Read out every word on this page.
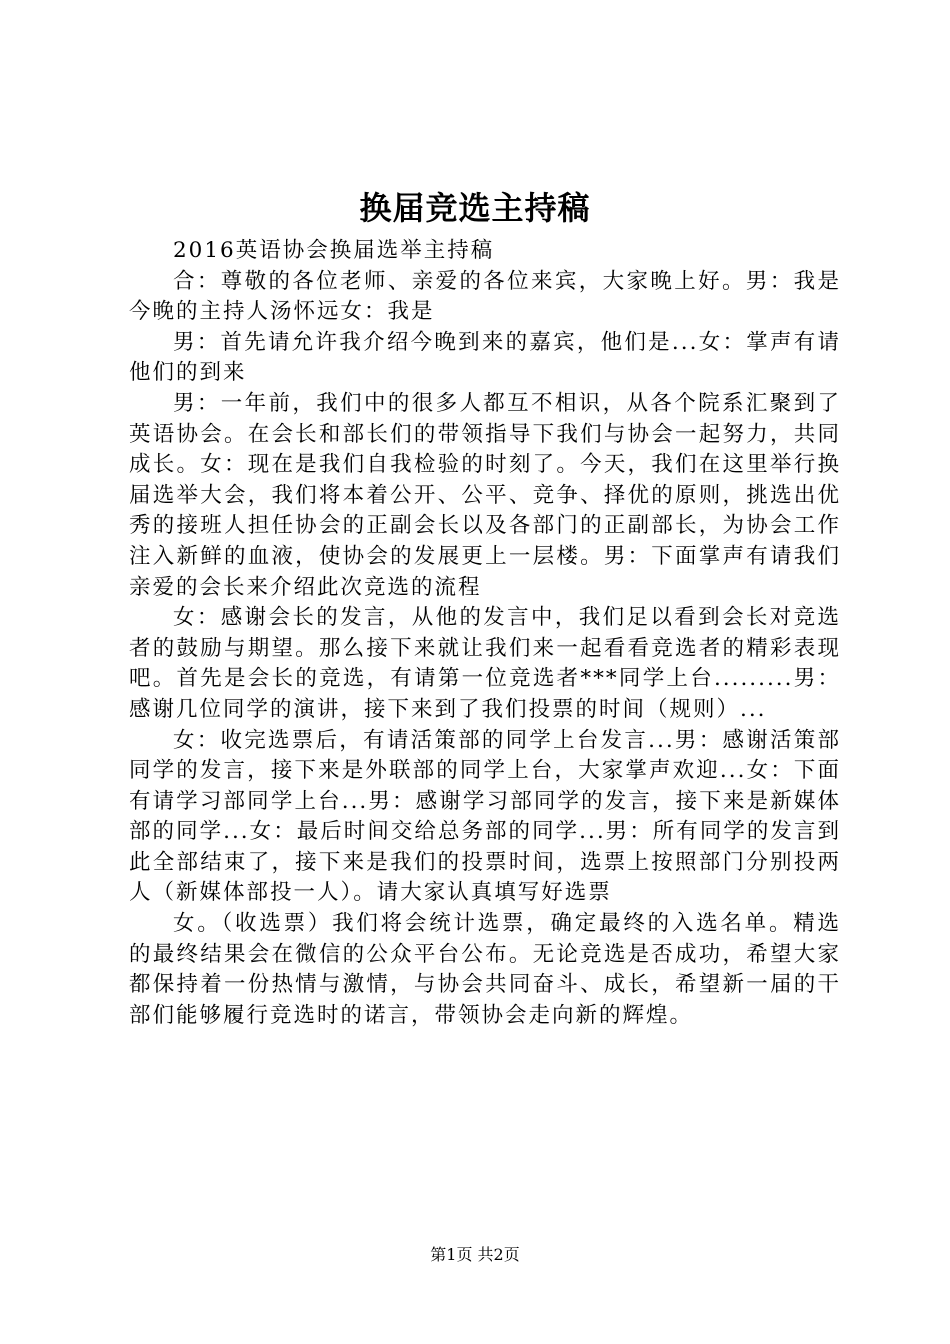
换届竞选主持稿

2016英语协会换届选举主持稿

合：尊敬的各位老师、亲爱的各位来宾，大家晚上好。男：我是今晚的主持人汤怀远女：我是

男：首先请允许我介绍今晚到来的嘉宾，他们是...女：掌声有请他们的到来

男：一年前，我们中的很多人都互不相识，从各个院系汇聚到了英语协会。在会长和部长们的带领指导下我们与协会一起努力，共同成长。女：现在是我们自我检验的时刻了。今天，我们在这里举行换届选举大会，我们将本着公开、公平、竞争、择优的原则，挑选出优秀的接班人担任协会的正副会长以及各部门的正副部长，为协会工作注入新鲜的血液，使协会的发展更上一层楼。男：下面掌声有请我们亲爱的会长来介绍此次竞选的流程

女：感谢会长的发言，从他的发言中，我们足以看到会长对竞选者的鼓励与期望。那么接下来就让我们来一起看看竞选者的精彩表现吧。首先是会长的竞选，有请第一位竞选者***同学上台.........男：感谢几位同学的演讲，接下来到了我们投票的时间（规则）...

女：收完选票后，有请活策部的同学上台发言...男：感谢活策部同学的发言，接下来是外联部的同学上台，大家掌声欢迎...女：下面有请学习部同学上台...男：感谢学习部同学的发言，接下来是新媒体部的同学...女：最后时间交给总务部的同学...男：所有同学的发言到此全部结束了，接下来是我们的投票时间，选票上按照部门分别投两人（新媒体部投一人）。请大家认真填写好选票

女。（收选票）我们将会统计选票，确定最终的入选名单。精选的最终结果会在微信的公众平台公布。无论竞选是否成功，希望大家都保持着一份热情与激情，与协会共同奋斗、成长，希望新一届的干部们能够履行竞选时的诺言，带领协会走向新的辉煌。

第1页 共2页
